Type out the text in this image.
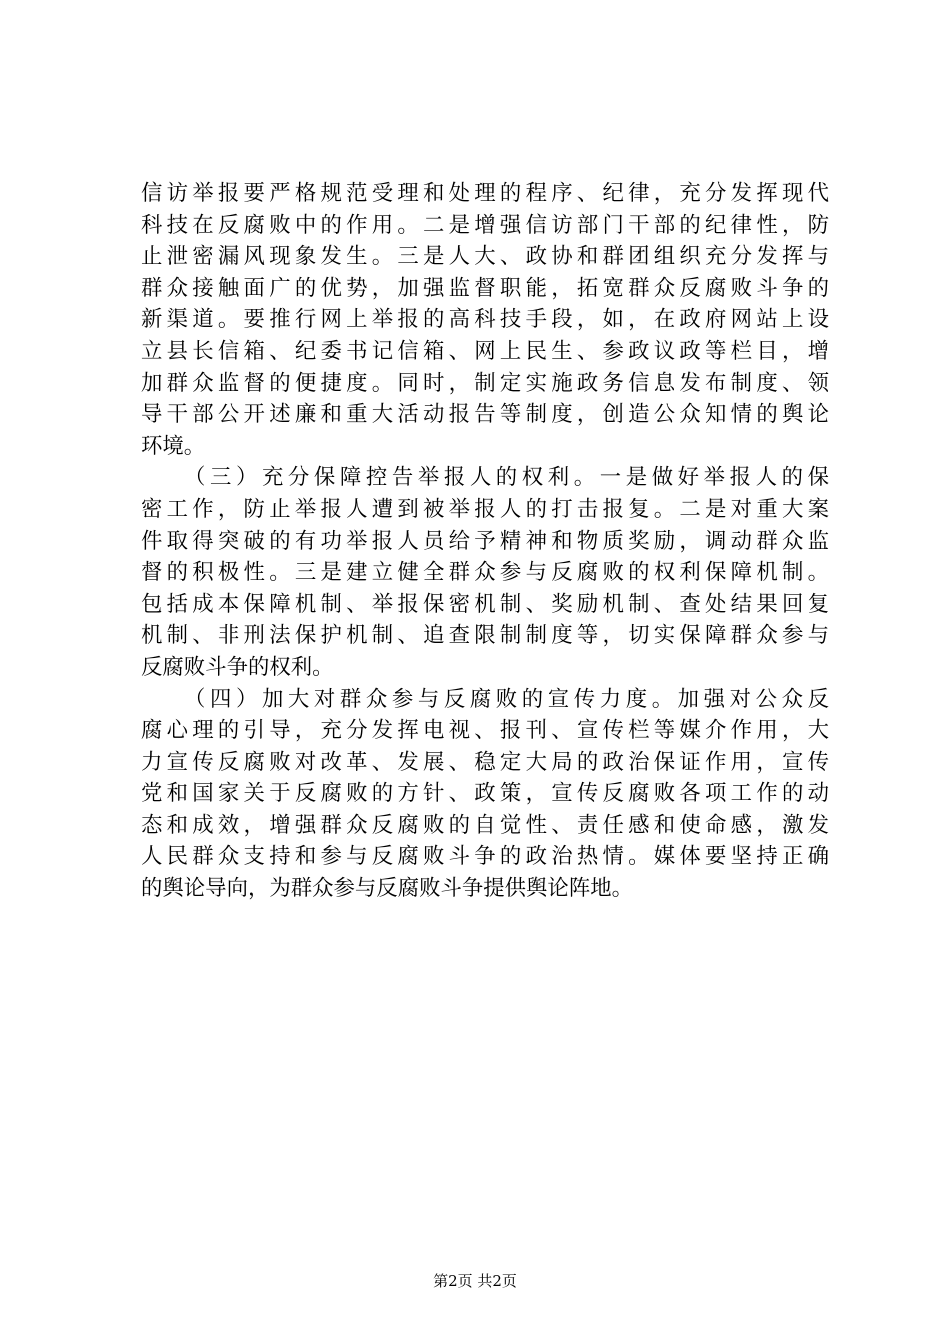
信访举报要严格规范受理和处理的程序、纪律，充分发挥现代
科技在反腐败中的作用。二是增强信访部门干部的纪律性，防
止泄密漏风现象发生。三是人大、政协和群团组织充分发挥与
群众接触面广的优势，加强监督职能，拓宽群众反腐败斗争的
新渠道。要推行网上举报的高科技手段，如，在政府网站上设
立县长信箱、纪委书记信箱、网上民生、参政议政等栏目，增
加群众监督的便捷度。同时，制定实施政务信息发布制度、领
导干部公开述廉和重大活动报告等制度，创造公众知情的舆论
环境。
（三）充分保障控告举报人的权利。一是做好举报人的保
密工作，防止举报人遭到被举报人的打击报复。二是对重大案
件取得突破的有功举报人员给予精神和物质奖励，调动群众监
督的积极性。三是建立健全群众参与反腐败的权利保障机制。
包括成本保障机制、举报保密机制、奖励机制、查处结果回复
机制、非刑法保护机制、追查限制制度等，切实保障群众参与
反腐败斗争的权利。
（四）加大对群众参与反腐败的宣传力度。加强对公众反
腐心理的引导，充分发挥电视、报刊、宣传栏等媒介作用，大
力宣传反腐败对改革、发展、稳定大局的政治保证作用，宣传
党和国家关于反腐败的方针、政策，宣传反腐败各项工作的动
态和成效，增强群众反腐败的自觉性、责任感和使命感，激发
人民群众支持和参与反腐败斗争的政治热情。媒体要坚持正确
的舆论导向，为群众参与反腐败斗争提供舆论阵地。
第2页 共2页
